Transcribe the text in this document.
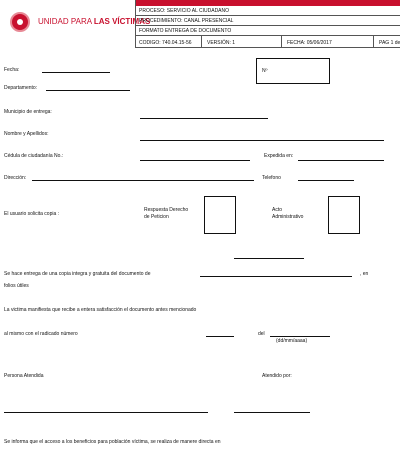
UNIDAD PARA LAS VÍCTIMAS
PROCESO: SERVICIO AL CIUDADANO
PROCEDIMIENTO: CANAL PRESENCIAL
FORMATO ENTREGA DE DOCUMENTO
CODIGO: 740.04.15-56	VERSIÓN: 1	FECHA: 05/06/2017	PAG 1 de
Fecha:	Nº
Departamento:
Municipio de entrega:
Nombre y Apellidos:
Cédula de ciudadanía No.:	Expedida en:
Dirección:	Telefono
El usuario solicita copia :
Respuesta Derecho
de Peticion
Acto
Administrativo
Se hace entrega de una copia integra y gratuita del documento de	, en
folios útiles
La victima manifiesta que recibe a entera satisfacción el documento antes mencionado
al mismo con el radicado número	del
(dd/mm/aaaa)
Persona Atendida	Atendido por:
Se informa que el acceso a los beneficios para población víctima, se realiza de manere directa en
